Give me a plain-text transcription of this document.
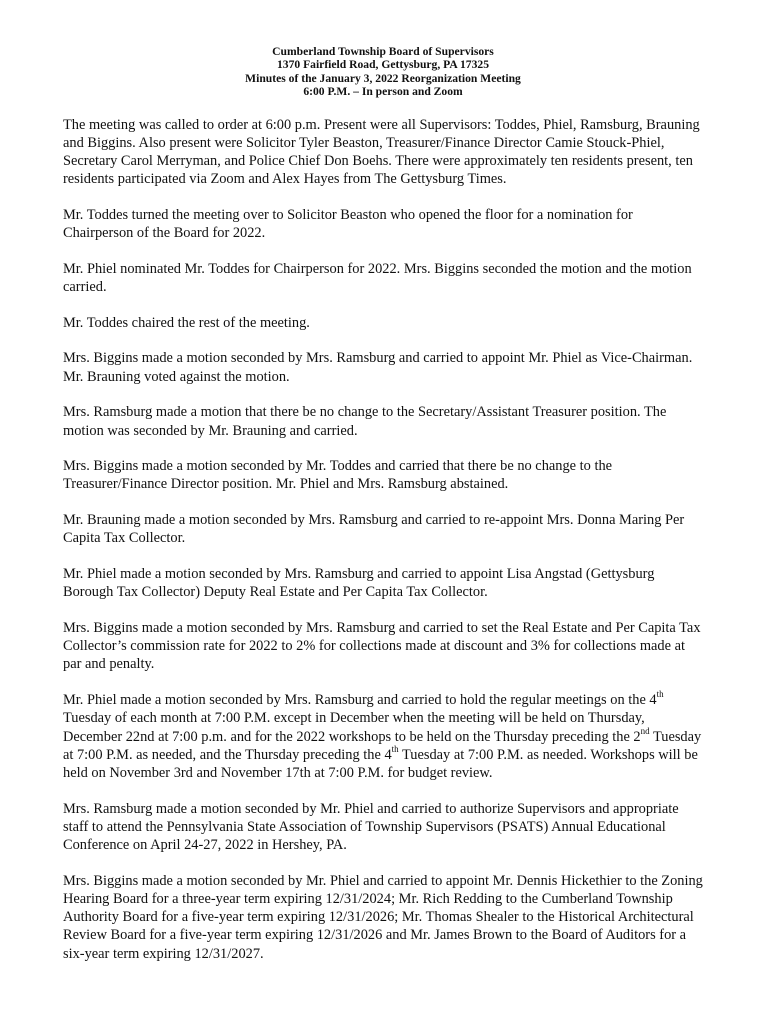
Cumberland Township Board of Supervisors
1370 Fairfield Road, Gettysburg, PA 17325
Minutes of the January 3, 2022 Reorganization Meeting
6:00 P.M. – In person and Zoom

The meeting was called to order at 6:00 p.m. Present were all Supervisors: Toddes, Phiel, Ramsburg, Brauning and Biggins. Also present were Solicitor Tyler Beaston, Treasurer/Finance Director Camie Stouck-Phiel, Secretary Carol Merryman, and Police Chief Don Boehs. There were approximately ten residents present, ten residents participated via Zoom and Alex Hayes from The Gettysburg Times.

Mr. Toddes turned the meeting over to Solicitor Beaston who opened the floor for a nomination for Chairperson of the Board for 2022.

Mr. Phiel nominated Mr. Toddes for Chairperson for 2022. Mrs. Biggins seconded the motion and the motion carried.

Mr. Toddes chaired the rest of the meeting.

Mrs. Biggins made a motion seconded by Mrs. Ramsburg and carried to appoint Mr. Phiel as Vice-Chairman. Mr. Brauning voted against the motion.

Mrs. Ramsburg made a motion that there be no change to the Secretary/Assistant Treasurer position. The motion was seconded by Mr. Brauning and carried.

Mrs. Biggins made a motion seconded by Mr. Toddes and carried that there be no change to the Treasurer/Finance Director position. Mr. Phiel and Mrs. Ramsburg abstained.

Mr. Brauning made a motion seconded by Mrs. Ramsburg and carried to re-appoint Mrs. Donna Maring Per Capita Tax Collector.

Mr. Phiel made a motion seconded by Mrs. Ramsburg and carried to appoint Lisa Angstad (Gettysburg Borough Tax Collector) Deputy Real Estate and Per Capita Tax Collector.

Mrs. Biggins made a motion seconded by Mrs. Ramsburg and carried to set the Real Estate and Per Capita Tax Collector’s commission rate for 2022 to 2% for collections made at discount and 3% for collections made at par and penalty.

Mr. Phiel made a motion seconded by Mrs. Ramsburg and carried to hold the regular meetings on the 4th Tuesday of each month at 7:00 P.M. except in December when the meeting will be held on Thursday, December 22nd at 7:00 p.m. and for the 2022 workshops to be held on the Thursday preceding the 2nd Tuesday at 7:00 P.M. as needed, and the Thursday preceding the 4th Tuesday at 7:00 P.M. as needed. Workshops will be held on November 3rd and November 17th at 7:00 P.M. for budget review.

Mrs. Ramsburg made a motion seconded by Mr. Phiel and carried to authorize Supervisors and appropriate staff to attend the Pennsylvania State Association of Township Supervisors (PSATS) Annual Educational Conference on April 24-27, 2022 in Hershey, PA.

Mrs. Biggins made a motion seconded by Mr. Phiel and carried to appoint Mr. Dennis Hickethier to the Zoning Hearing Board for a three-year term expiring 12/31/2024; Mr. Rich Redding to the Cumberland Township Authority Board for a five-year term expiring 12/31/2026; Mr. Thomas Shealer to the Historical Architectural Review Board for a five-year term expiring 12/31/2026 and Mr. James Brown to the Board of Auditors for a six-year term expiring 12/31/2027.
